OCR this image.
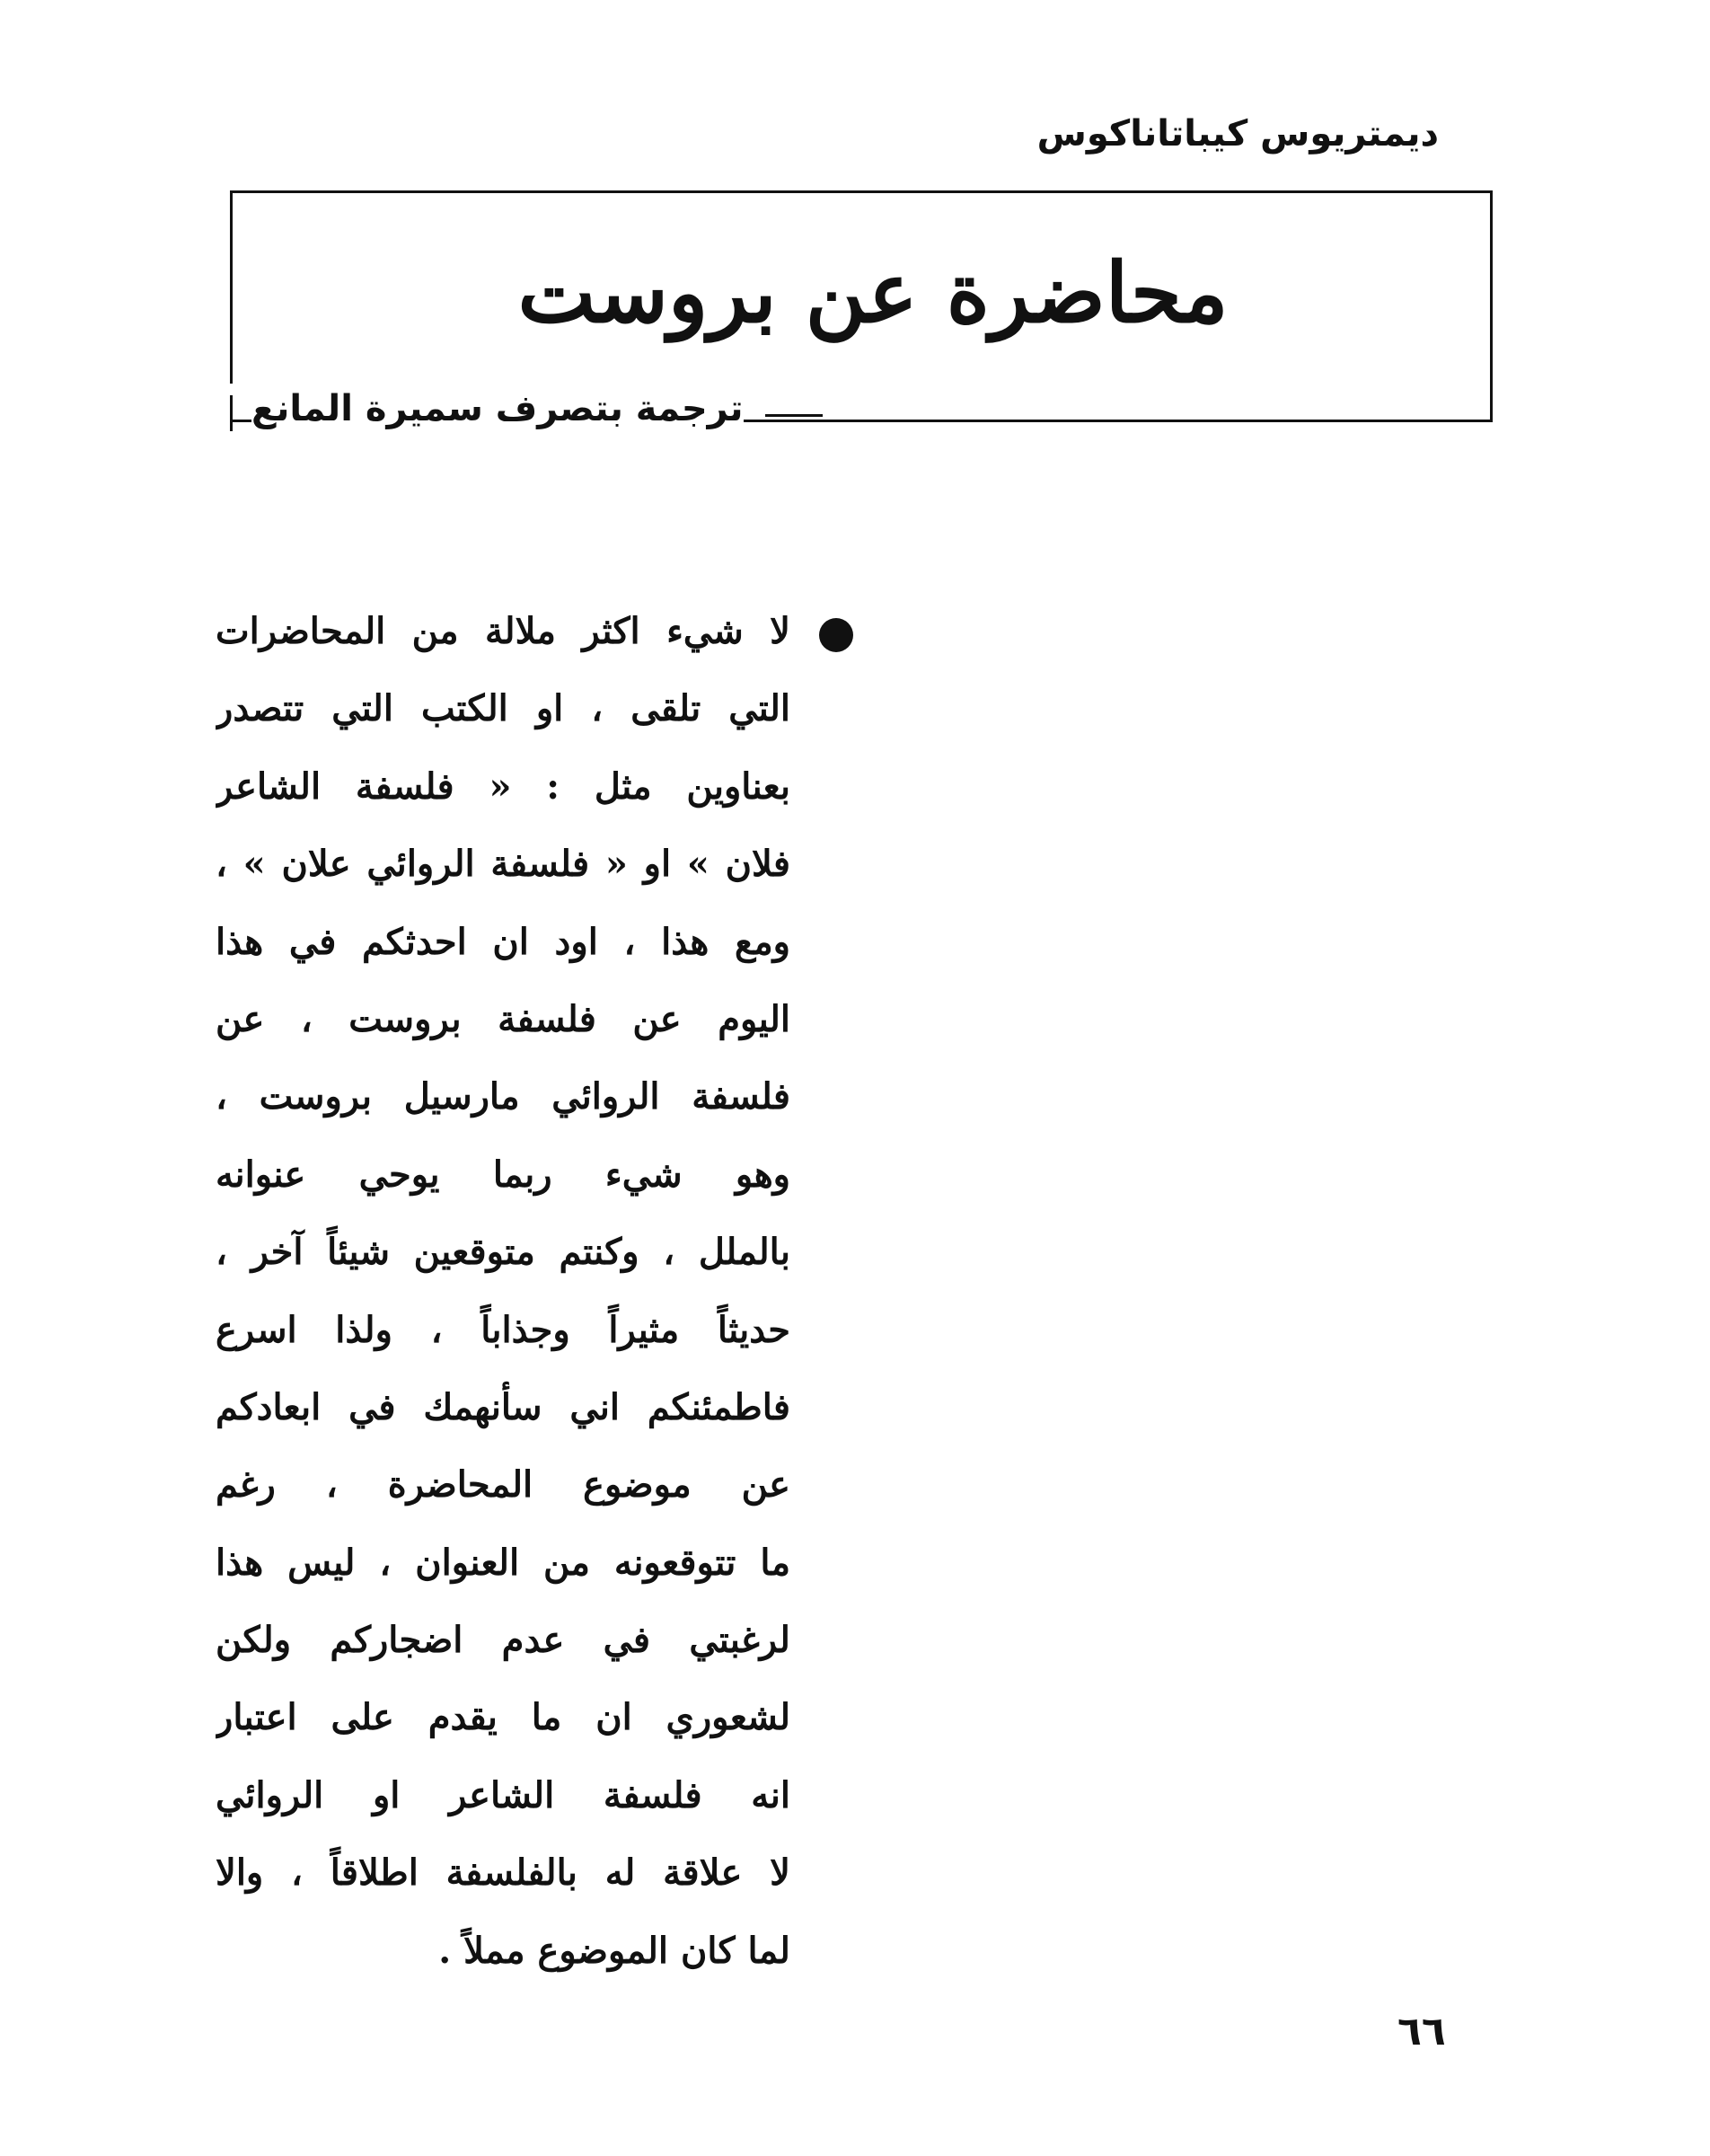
ديمتريوس كيباتاناكوس
محاضرة عن بروست
ترجمة بتصرف سميرة المانع
لا شيء اكثر ملالة من المحاضرات
التي تلقى ، او الكتب التي تتصدر
بعناوين مثل : « فلسفة الشاعر
فلان » او « فلسفة الروائي علان » ،
ومع هذا ، اود ان احدثكم في هذا
اليوم عن فلسفة بروست ، عن
فلسفة الروائي مارسيل بروست ،
وهو شيء ربما يوحي عنوانه
بالملل ، وكنتم متوقعين شيئاً آخر ،
حديثاً مثيراً وجذاباً ، ولذا اسرع
فاطمئنكم اني سأنهمك في ابعادكم
عن موضوع المحاضرة ، رغم
ما تتوقعونه من العنوان ، ليس هذا
لرغبتي في عدم اضجاركم ولكن
لشعوري ان ما يقدم على اعتبار
انه فلسفة الشاعر او الروائي
لا علاقة له بالفلسفة اطلاقاً ، والا
لما كان الموضوع مملاً .
٦٦
